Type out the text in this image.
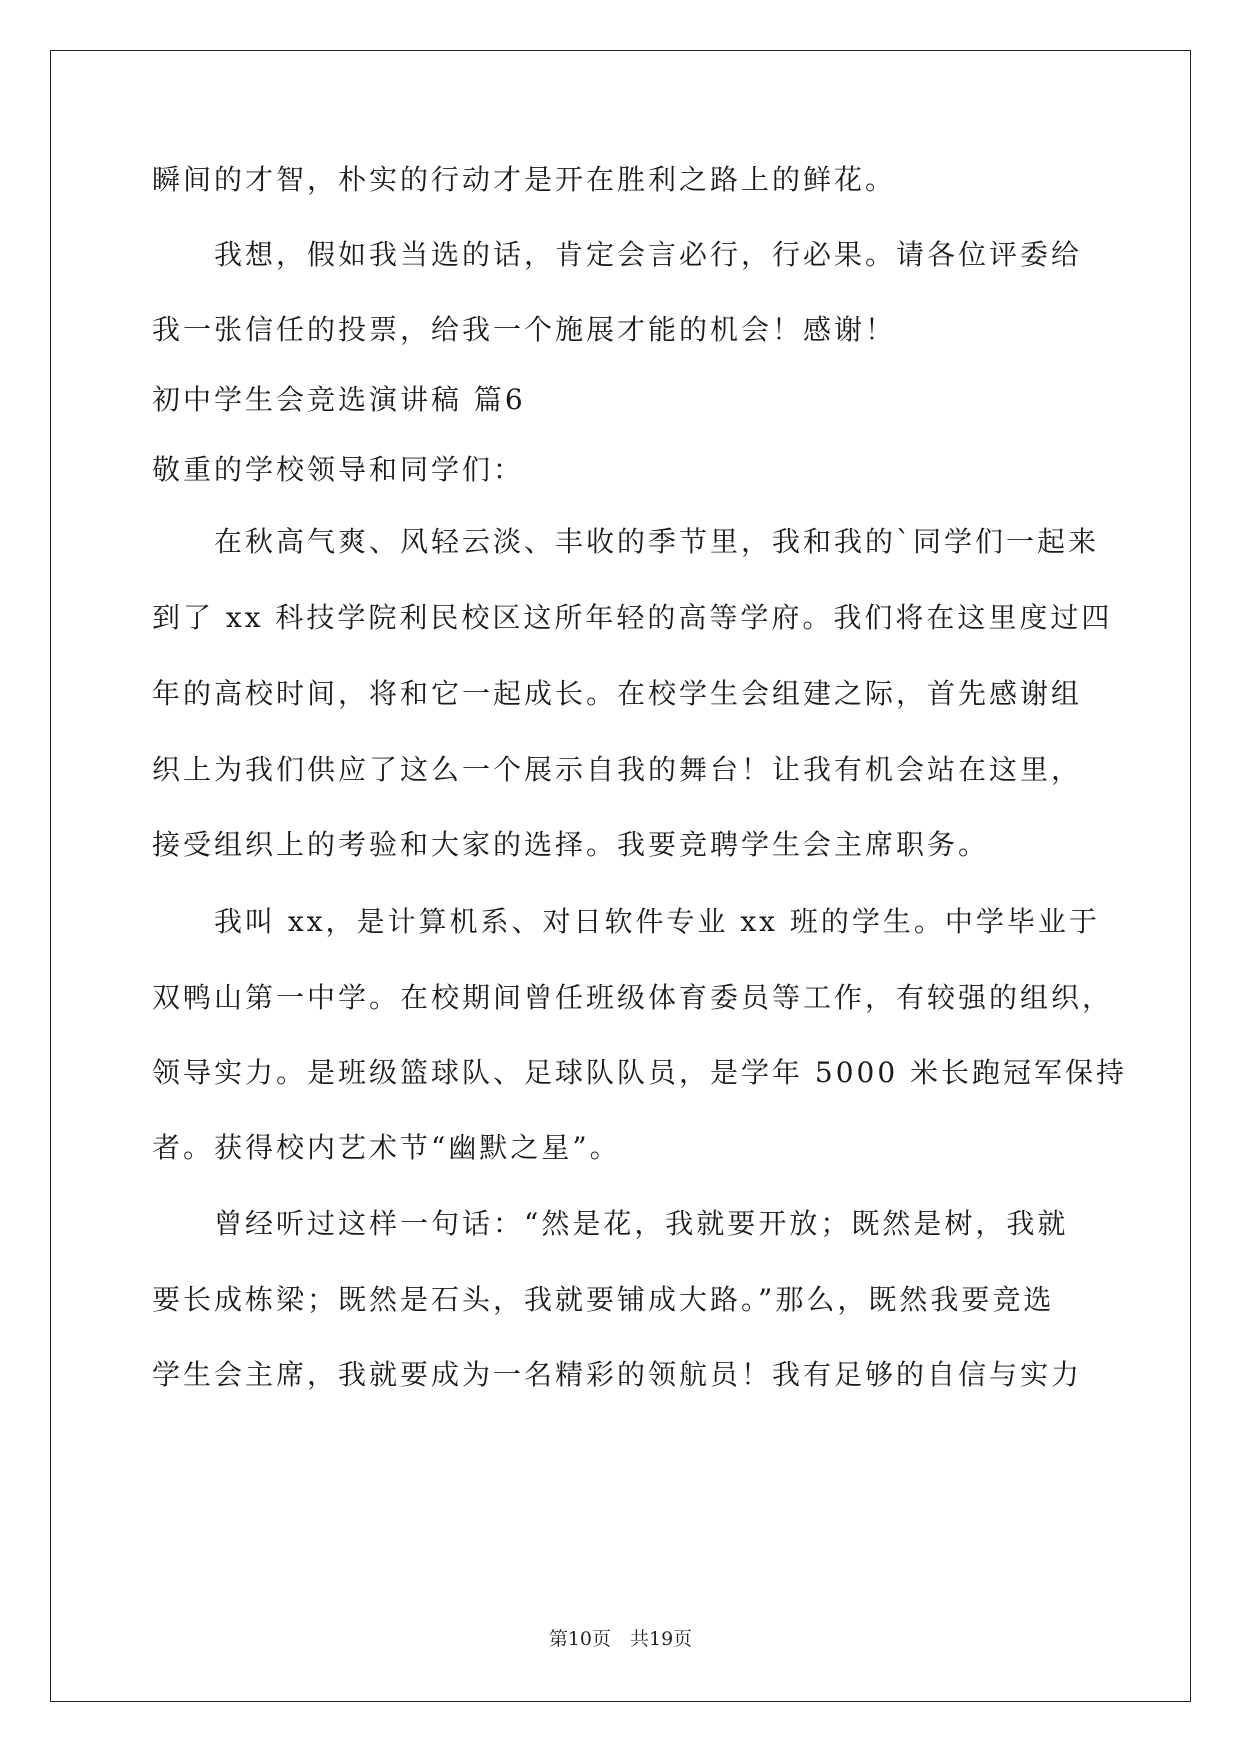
瞬间的才智，朴实的行动才是开在胜利之路上的鲜花。
我想，假如我当选的话，肯定会言必行，行必果。请各位评委给
我一张信任的投票，给我一个施展才能的机会！感谢！
初中学生会竞选演讲稿 篇6
敬重的学校领导和同学们：
在秋高气爽、风轻云淡、丰收的季节里，我和我的`同学们一起来
到了 xx 科技学院利民校区这所年轻的高等学府。我们将在这里度过四
年的高校时间，将和它一起成长。在校学生会组建之际，首先感谢组
织上为我们供应了这么一个展示自我的舞台！让我有机会站在这里，
接受组织上的考验和大家的选择。我要竞聘学生会主席职务。
我叫 xx，是计算机系、对日软件专业 xx 班的学生。中学毕业于
双鸭山第一中学。在校期间曾任班级体育委员等工作，有较强的组织，
领导实力。是班级篮球队、足球队队员，是学年 5000 米长跑冠军保持
者。获得校内艺术节“幽默之星”。
曾经听过这样一句话：“然是花，我就要开放；既然是树，我就
要长成栋梁；既然是石头，我就要铺成大路。”那么，既然我要竞选
学生会主席，我就要成为一名精彩的领航员！我有足够的自信与实力
第10页　共19页
